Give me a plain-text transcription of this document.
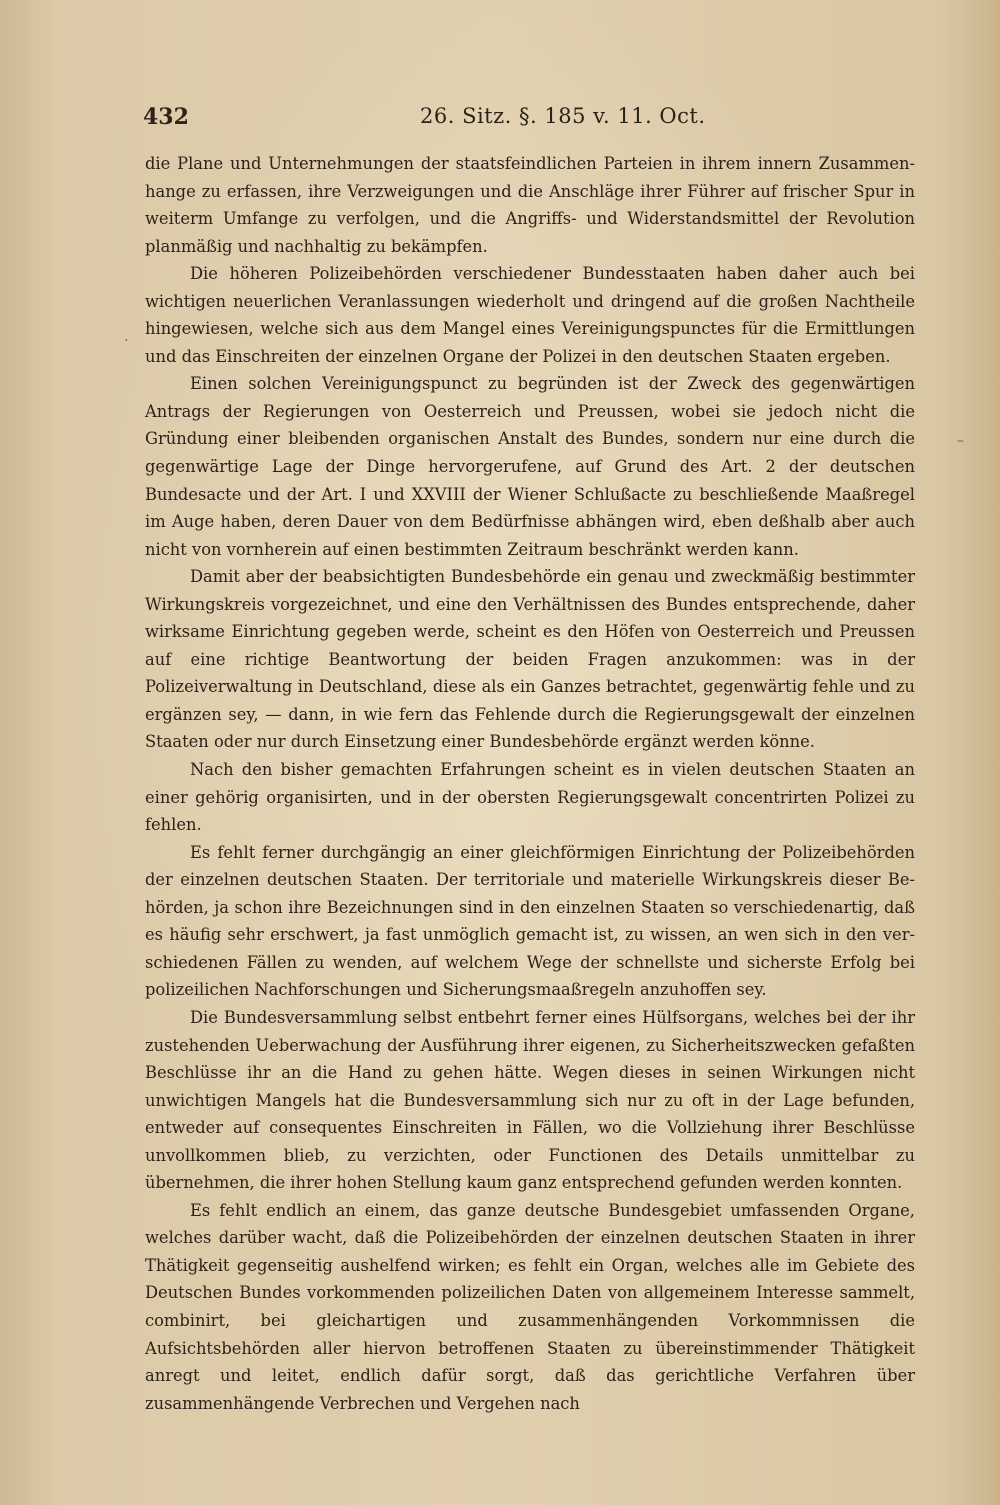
432	26. Sitz. §. 185 v. 11. Oct.

die Plane und Unternehmungen der staatsfeindlichen Parteien in ihrem innern Zusammenhange zu erfassen, ihre Verzweigungen und die Anschläge ihrer Führer auf frischer Spur in weiterm Umfange zu verfolgen, und die Angriffs- und Widerstandsmittel der Revolution planmäßig und nachhaltig zu bekämpfen.

Die höheren Polizeibehörden verschiedener Bundesstaaten haben daher auch bei wichtigen neuerlichen Veranlassungen wiederholt und dringend auf die großen Nachtheile hingewiesen, welche sich aus dem Mangel eines Vereinigungspunctes für die Ermittlungen und das Einschreiten der einzelnen Organe der Polizei in den deutschen Staaten ergeben.

Einen solchen Vereinigungspunct zu begründen ist der Zweck des gegenwärtigen Antrags der Regierungen von Oesterreich und Preussen, wobei sie jedoch nicht die Gründung einer bleibenden organischen Anstalt des Bundes, sondern nur eine durch die gegenwärtige Lage der Dinge hervorgerufene, auf Grund des Art. 2 der deutschen Bundesacte und der Art. I und XXVIII der Wiener Schlußacte zu beschließende Maaßregel im Auge haben, deren Dauer von dem Bedürfnisse abhängen wird, eben deßhalb aber auch nicht von vornherein auf einen bestimmten Zeitraum beschränkt werden kann.

Damit aber der beabsichtigten Bundesbehörde ein genau und zweckmäßig bestimmter Wirkungskreis vorgezeichnet, und eine den Verhältnissen des Bundes entsprechende, daher wirksame Einrichtung gegeben werde, scheint es den Höfen von Oesterreich und Preussen auf eine richtige Beantwortung der beiden Fragen anzukommen: was in der Polizeiverwaltung in Deutschland, diese als ein Ganzes betrachtet, gegenwärtig fehle und zu ergänzen sey, — dann, in wie fern das Fehlende durch die Regierungsgewalt der einzelnen Staaten oder nur durch Einsetzung einer Bundesbehörde ergänzt werden könne.

Nach den bisher gemachten Erfahrungen scheint es in vielen deutschen Staaten an einer gehörig organisirten, und in der obersten Regierungsgewalt concentrirten Polizei zu fehlen.

Es fehlt ferner durchgängig an einer gleichförmigen Einrichtung der Polizeibehörden der einzelnen deutschen Staaten. Der territoriale und materielle Wirkungskreis dieser Behörden, ja schon ihre Bezeichnungen sind in den einzelnen Staaten so verschiedenartig, daß es häufig sehr erschwert, ja fast unmöglich gemacht ist, zu wissen, an wen sich in den verschiedenen Fällen zu wenden, auf welchem Wege der schnellste und sicherste Erfolg bei polizeilichen Nachforschungen und Sicherungsmaaßregeln anzuhoffen sey.

Die Bundesversammlung selbst entbehrt ferner eines Hülfsorgans, welches bei der ihr zustehenden Ueberwachung der Ausführung ihrer eigenen, zu Sicherheitszwecken gefaßten Beschlüsse ihr an die Hand zu gehen hätte. Wegen dieses in seinen Wirkungen nicht unwichtigen Mangels hat die Bundesversammlung sich nur zu oft in der Lage befunden, entweder auf consequentes Einschreiten in Fällen, wo die Vollziehung ihrer Beschlüsse unvollkommen blieb, zu verzichten, oder Functionen des Details unmittelbar zu übernehmen, die ihrer hohen Stellung kaum ganz entsprechend gefunden werden konnten.

Es fehlt endlich an einem, das ganze deutsche Bundesgebiet umfassenden Organe, welches darüber wacht, daß die Polizeibehörden der einzelnen deutschen Staaten in ihrer Thätigkeit gegenseitig aushelfend wirken; es fehlt ein Organ, welches alle im Gebiete des Deutschen Bundes vorkommenden polizeilichen Daten von allgemeinem Interesse sammelt, combinirt, bei gleichartigen und zusammenhängenden Vorkommnissen die Aufsichtsbehörden aller hiervon betroffenen Staaten zu übereinstimmender Thätigkeit anregt und leitet, endlich dafür sorgt, daß das gerichtliche Verfahren über zusammenhängende Verbrechen und Vergehen nach

·
–
